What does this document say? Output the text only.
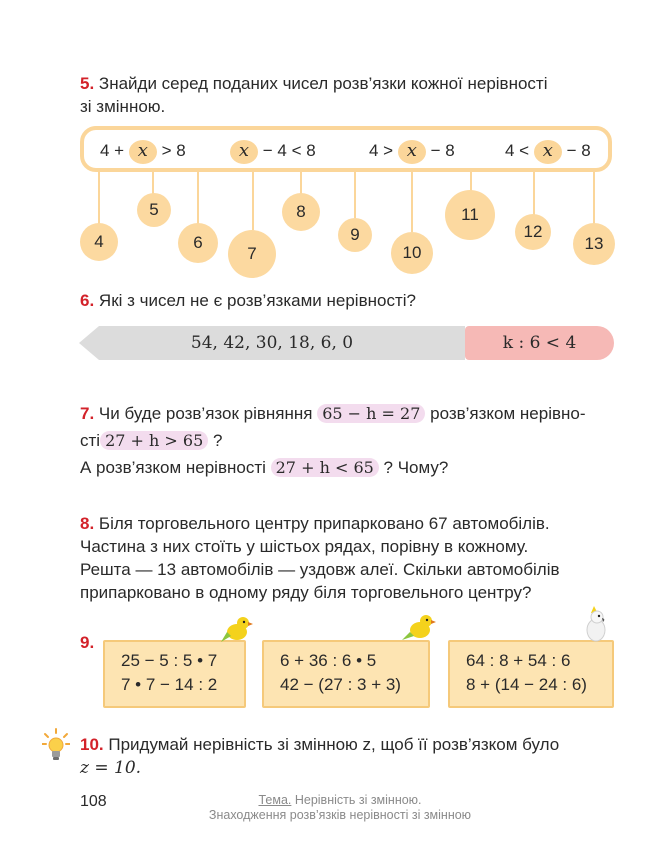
5. Знайди серед поданих чисел розв’язки кожної нерівності
зі змінною.
4 + x > 8	x − 4 < 8	4 > x − 8	4 < x − 8
4
5
6
7
8
9
10
11
12
13
6. Які з чисел не є розв’язками нерівності?
54, 42, 30, 18, 6, 0	k : 6 < 4
7. Чи буде розв’язок рівняння 65 − h = 27 розв’язком нерівно-
сті 27 + h > 65 ?
А розв’язком нерівності 27 + h < 65 ? Чому?
8. Біля торговельного центру припарковано 67 автомобілів.
Частина з них стоїть у шістьох рядах, порівну в кожному.
Решта — 13 автомобілів — уздовж алеї. Скільки автомобілів
припарковано в одному ряду біля торговельного центру?
9.
25 − 5 : 5 • 7
7 • 7 − 14 : 2
6 + 36 : 6 • 5
42 − (27 : 3 + 3)
64 : 8 + 54 : 6
8 + (14 − 24 : 6)
10. Придумай нерівність зі змінною z, щоб її розв’язком було
z = 10.
108	Тема. Нерівність зі змінною.
Знаходження розв’язків нерівності зі змінною
